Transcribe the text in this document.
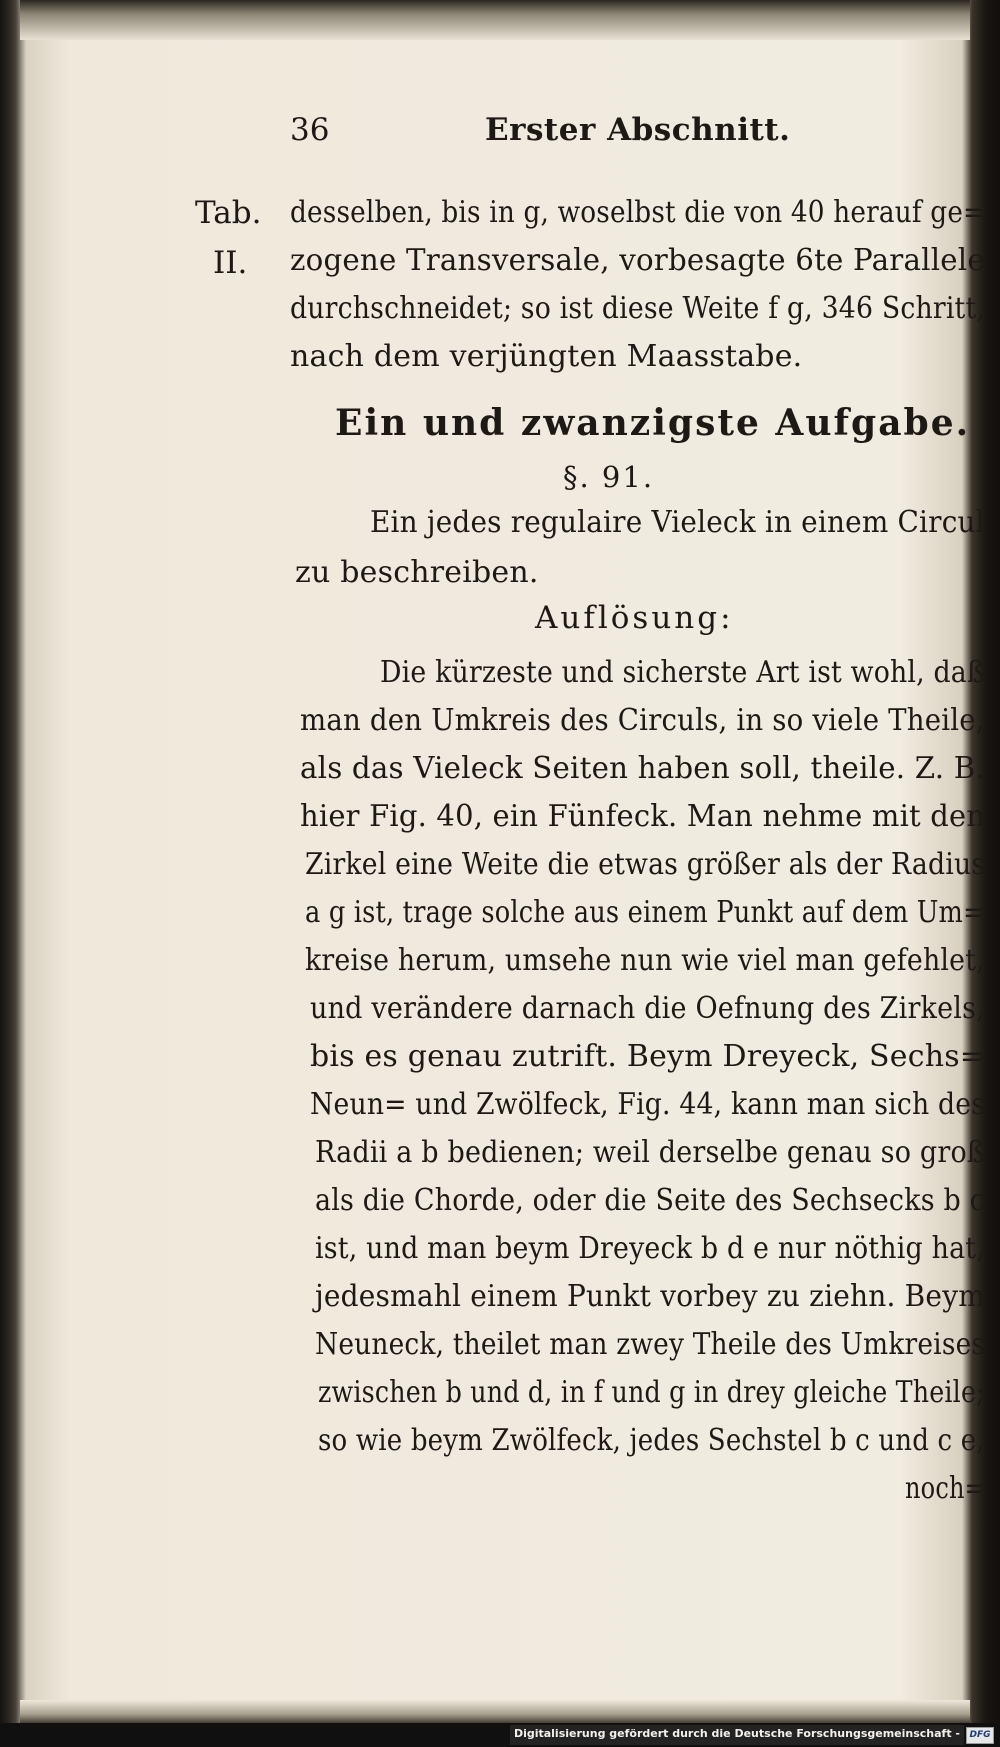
36	Erster Abschnitt.
Tab.
II.
desselben, bis in g, woselbst die von 40 herauf ge=
zogene Transversale, vorbesagte 6te Parallele
durchschneidet; so ist diese Weite f g, 346 Schritt,
nach dem verjüngten Maasstabe.
Ein und zwanzigste Aufgabe.
§. 91.
Ein jedes regulaire Vieleck in einem Circul
zu beschreiben.
Auflösung:
Die kürzeste und sicherste Art ist wohl, daß
man den Umkreis des Circuls, in so viele Theile,
als das Vieleck Seiten haben soll, theile. Z. B.
hier Fig. 40, ein Fünfeck. Man nehme mit den
Zirkel eine Weite die etwas größer als der Radius
a g ist, trage solche aus einem Punkt auf dem Um=
kreise herum, umsehe nun wie viel man gefehlet,
und verändere darnach die Oefnung des Zirkels,
bis es genau zutrift. Beym Dreyeck, Sechs=
Neun= und Zwölfeck, Fig. 44, kann man sich des
Radii a b bedienen; weil derselbe genau so groß
als die Chorde, oder die Seite des Sechsecks b c
ist, und man beym Dreyeck b d e nur nöthig hat,
jedesmahl einem Punkt vorbey zu ziehn. Beym
Neuneck, theilet man zwey Theile des Umkreises
zwischen b und d, in f und g in drey gleiche Theile;
so wie beym Zwölfeck, jedes Sechstel b c und c e,
noch=
Digitalisierung gefördert durch die Deutsche Forschungsgemeinschaft -	DFG
